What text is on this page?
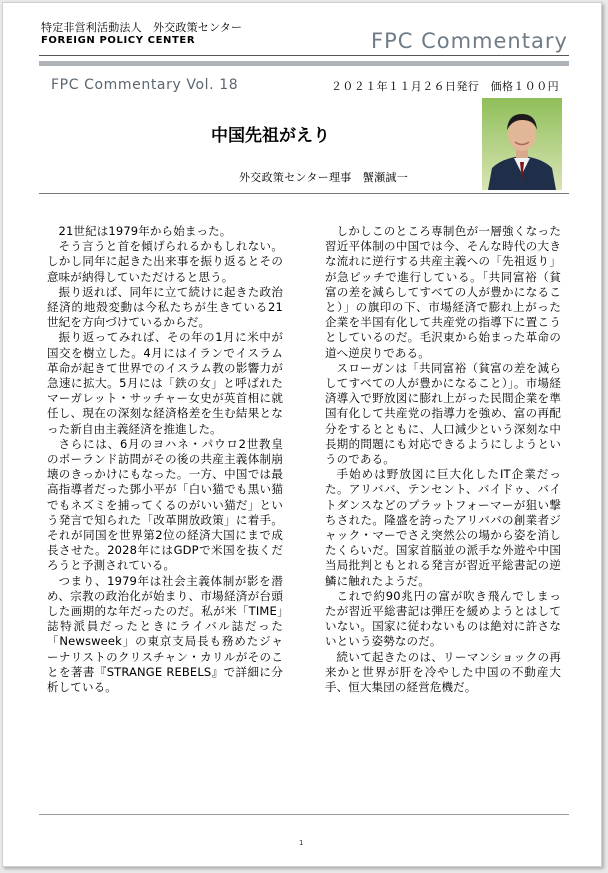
特定非営利活動法人　外交政策センター
FOREIGN POLICY CENTER	FPC Commentary
FPC Commentary Vol. 18	２０２１年１１月２６日発行　価格１００円
中国先祖がえり
外交政策センター理事　蟹瀬誠一

21世紀は1979年から始まった。

そう言うと首を傾げられるかもしれない。しかし同年に起きた出来事を振り返るとその意味が納得していただけると思う。

振り返れば、同年に立て続けに起きた政治経済的地殻変動は今私たちが生きている21世紀を方向づけているからだ。

振り返ってみれば、その年の1月に米中が国交を樹立した。4月にはイランでイスラム革命が起きて世界でのイスラム教の影響力が急速に拡大。5月には「鉄の女」と呼ばれたマーガレット・サッチャー女史が英首相に就任し、現在の深刻な経済格差を生む結果となった新自由主義経済を推進した。

さらには、6月のヨハネ・パウロ2世教皇のポーランド訪問がその後の共産主義体制崩壊のきっかけにもなった。一方、中国では最高指導者だった鄧小平が「白い猫でも黒い猫でもネズミを捕ってくるのがいい猫だ」という発言で知られた「改革開放政策」に着手。それが同国を世界第2位の経済大国にまで成長させた。2028年にはGDPで米国を抜くだろうと予測されている。

つまり、1979年は社会主義体制が影を潜め、宗教の政治化が始まり、市場経済が台頭した画期的な年だったのだ。私が米「TIME」誌特派員だったときにライバル誌だった「Newsweek」の東京支局長も務めたジャーナリストのクリスチャン・カリルがそのことを著書『STRANGE REBELS』で詳細に分析している。

しかしこのところ専制色が一層強くなった習近平体制の中国では今、そんな時代の大きな流れに逆行する共産主義への「先祖返り」が急ピッチで進行している。「共同富裕（貧富の差を減らしてすべての人が豊かになること）」の旗印の下、市場経済で膨れ上がった企業を半国有化して共産党の指導下に置こうとしているのだ。毛沢東から始まった革命の道へ逆戻りである。

スローガンは「共同富裕（貧富の差を減らしてすべての人が豊かになること）」。市場経済導入で野放図に膨れ上がった民間企業を準国有化して共産党の指導力を強め、富の再配分をするとともに、人口減少という深刻な中長期的問題にも対応できるようにしようというのである。

手始めは野放図に巨大化したIT企業だった。アリババ、テンセント、バイドゥ、バイトダンスなどのプラットフォーマーが狙い撃ちされた。隆盛を誇ったアリババの創業者ジャック・マーでさえ突然公の場から姿を消したくらいだ。国家首脳並の派手な外遊や中国当局批判ともとれる発言が習近平総書記の逆鱗に触れたようだ。

これで約90兆円の富が吹き飛んでしまったが習近平総書記は弾圧を緩めようとはしていない。国家に従わないものは絶対に許さないという姿勢なのだ。

続いて起きたのは、リーマンショックの再来かと世界が肝を冷やした中国の不動産大手、恒大集団の経営危機だ。

1
